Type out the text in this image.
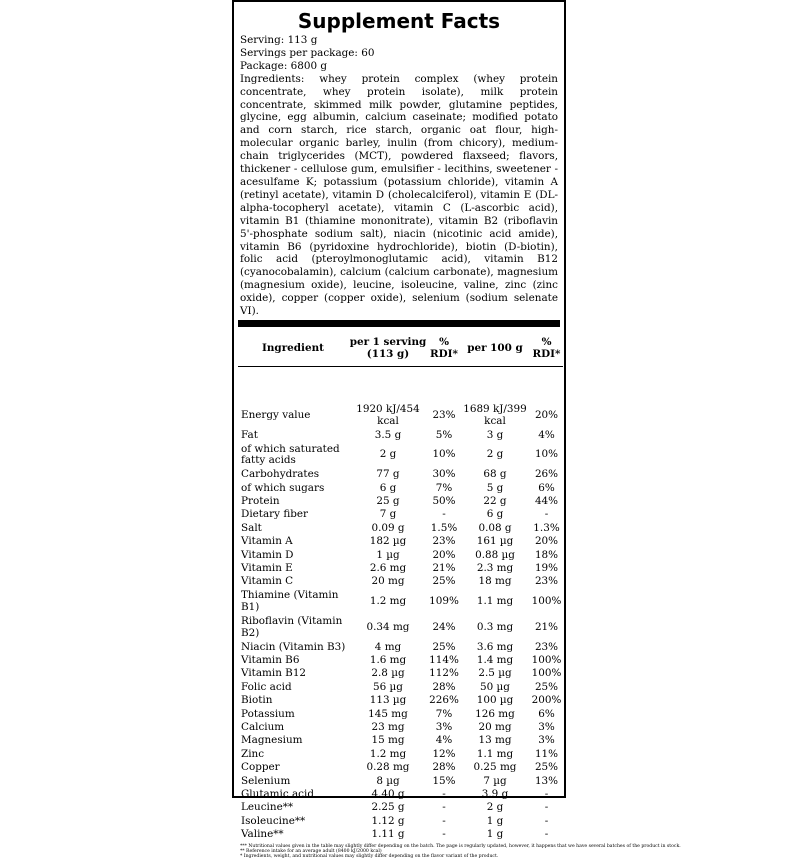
Supplement Facts
Serving: 113 g
Servings per package: 60
Package: 6800 g
Ingredients: whey protein complex (whey protein concentrate, whey protein isolate), milk protein concentrate, skimmed milk powder, glutamine peptides, glycine, egg albumin, calcium caseinate; modified potato and corn starch, rice starch, organic oat flour, high-molecular organic barley, inulin (from chicory), medium-chain triglycerides (MCT), powdered flaxseed; flavors, thickener - cellulose gum, emulsifier - lecithins, sweetener - acesulfame K; potassium (potassium chloride), vitamin A (retinyl acetate), vitamin D (cholecalciferol), vitamin E (DL-alpha-tocopheryl acetate), vitamin C (L-ascorbic acid), vitamin B1 (thiamine mononitrate), vitamin B2 (riboflavin 5'-phosphate sodium salt), niacin (nicotinic acid amide), vitamin B6 (pyridoxine hydrochloride), biotin (D-biotin), folic acid (pteroylmonoglutamic acid), vitamin B12 (cyanocobalamin), calcium (calcium carbonate), magnesium (magnesium oxide), leucine, isoleucine, valine, zinc (zinc oxide), copper (copper oxide), selenium (sodium selenate VI).
Ingredient	per 1 serving (113 g)	% RDI*	per 100 g	% RDI*

Energy value	1920 kJ/454 kcal	23%	1689 kJ/399 kcal	20%
Fat	3.5 g	5%	3 g	4%
of which saturated fatty acids	2 g	10%	2 g	10%
Carbohydrates	77 g	30%	68 g	26%
of which sugars	6 g	7%	5 g	6%
Protein	25 g	50%	22 g	44%
Dietary fiber	7 g	-	6 g	-
Salt	0.09 g	1.5%	0.08 g	1.3%
Vitamin A	182 µg	23%	161 µg	20%
Vitamin D	1 µg	20%	0.88 µg	18%
Vitamin E	2.6 mg	21%	2.3 mg	19%
Vitamin C	20 mg	25%	18 mg	23%
Thiamine (Vitamin B1)	1.2 mg	109%	1.1 mg	100%
Riboflavin (Vitamin B2)	0.34 mg	24%	0.3 mg	21%
Niacin (Vitamin B3)	4 mg	25%	3.6 mg	23%
Vitamin B6	1.6 mg	114%	1.4 mg	100%
Vitamin B12	2.8 µg	112%	2.5 µg	100%
Folic acid	56 µg	28%	50 µg	25%
Biotin	113 µg	226%	100 µg	200%
Potassium	145 mg	7%	126 mg	6%
Calcium	23 mg	3%	20 mg	3%
Magnesium	15 mg	4%	13 mg	3%
Zinc	1.2 mg	12%	1.1 mg	11%
Copper	0.28 mg	28%	0.25 mg	25%
Selenium	8 µg	15%	7 µg	13%
Glutamic acid	4.40 g	-	3.9 g	-
Leucine**	2.25 g	-	2 g	-
Isoleucine**	1.12 g	-	1 g	-
Valine**	1.11 g	-	1 g	-
*** Nutritional values given in the table may slightly differ depending on the batch. The page is regularly updated, however, it happens that we have several batches of the product in stock.
** Reference intake for an average adult (8400 kJ/2000 kcal)
* Ingredients, weight, and nutritional values may slightly differ depending on the flavor variant of the product.
